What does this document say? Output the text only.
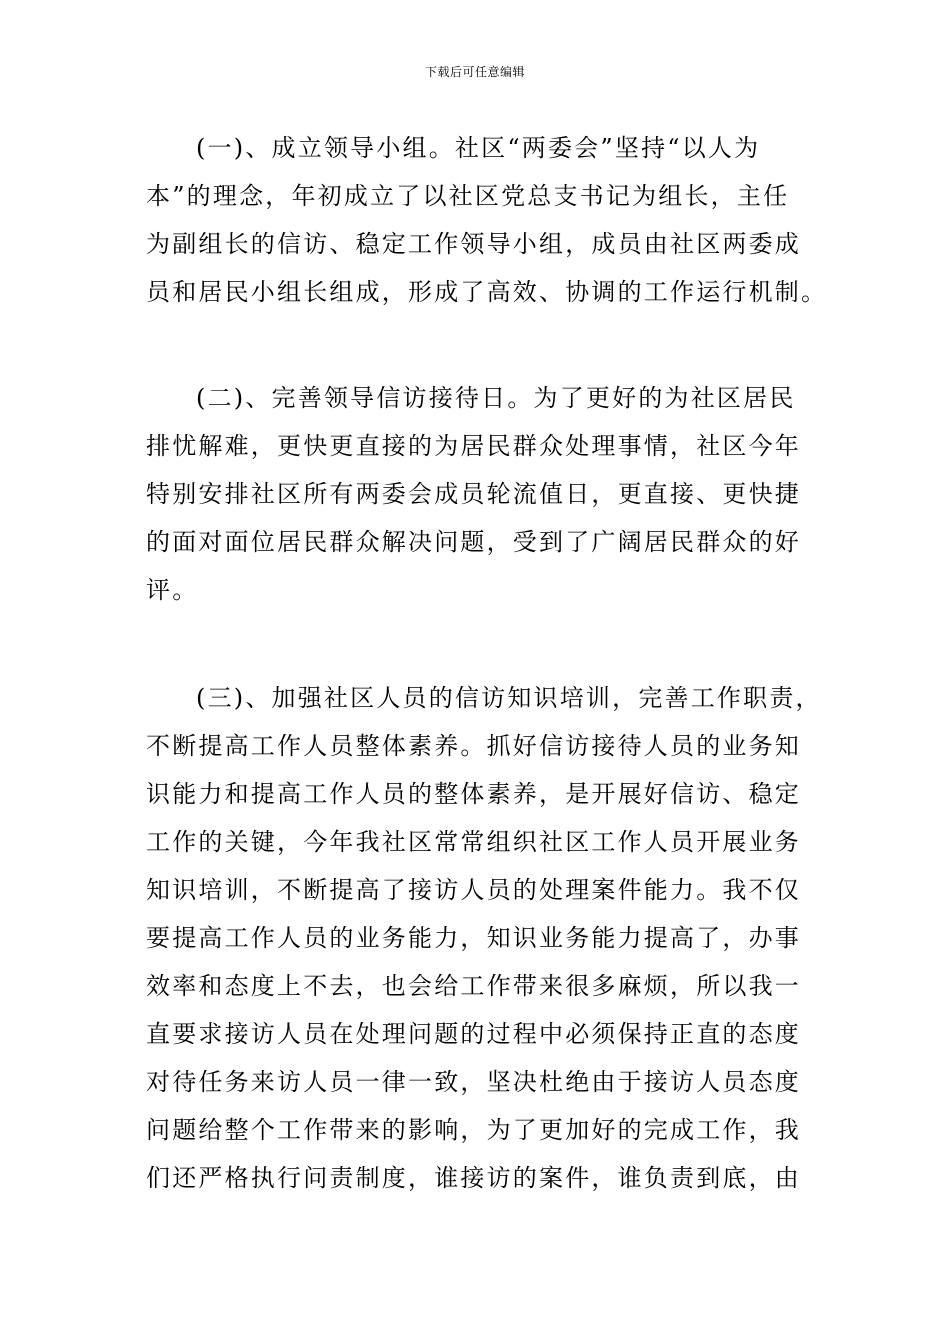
下载后可任意编辑
(一)、成立领导小组。社区“两委会”坚持“以人为
本”的理念，年初成立了以社区党总支书记为组长，主任
为副组长的信访、稳定工作领导小组，成员由社区两委成
员和居民小组长组成，形成了高效、协调的工作运行机制。
(二)、完善领导信访接待日。为了更好的为社区居民
排忧解难，更快更直接的为居民群众处理事情，社区今年
特别安排社区所有两委会成员轮流值日，更直接、更快捷
的面对面位居民群众解决问题，受到了广阔居民群众的好
评。
(三)、加强社区人员的信访知识培训，完善工作职责，
不断提高工作人员整体素养。抓好信访接待人员的业务知
识能力和提高工作人员的整体素养，是开展好信访、稳定
工作的关键，今年我社区常常组织社区工作人员开展业务
知识培训，不断提高了接访人员的处理案件能力。我不仅
要提高工作人员的业务能力，知识业务能力提高了，办事
效率和态度上不去，也会给工作带来很多麻烦，所以我一
直要求接访人员在处理问题的过程中必须保持正直的态度
对待任务来访人员一律一致，坚决杜绝由于接访人员态度
问题给整个工作带来的影响，为了更加好的完成工作，我
们还严格执行问责制度，谁接访的案件，谁负责到底，由
